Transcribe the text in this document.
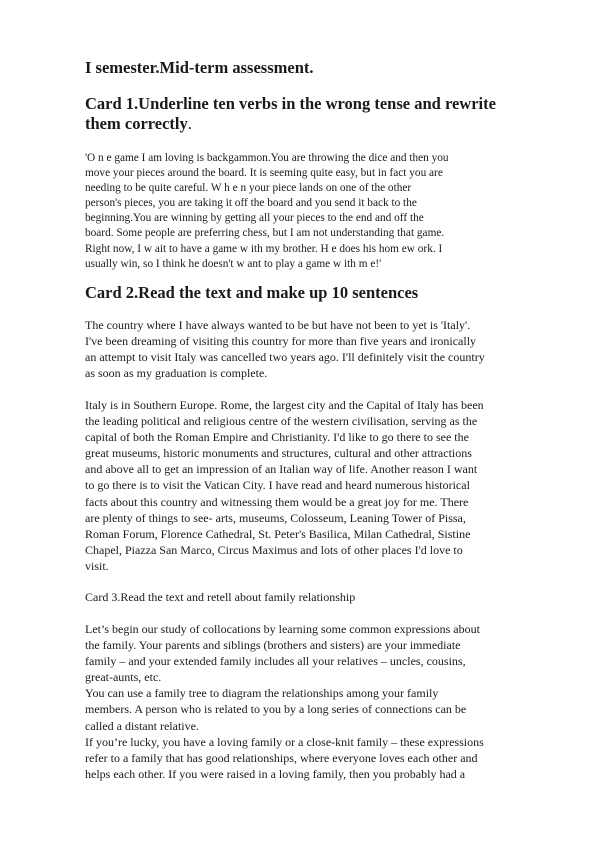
I semester.Mid-term assessment.
Card 1.Underline ten verbs in the wrong tense and rewrite
them correctly.
'O n e game I am loving is backgammon.You are throwing the dice and then you
move your pieces around the board. It is seeming quite easy, but in fact you are
needing to be quite careful. W h e n your piece lands on one of the other
person's pieces, you are taking it off the board and you send it back to the
beginning.You are winning by getting all your pieces to the end and off the
board. Some people are preferring chess, but I am not understanding that game.
Right now, I w ait to have a game w ith my brother. H e does his hom ew ork. I
usually win, so I think he doesn't w ant to play a game w ith m e!'
Card 2.Read the text and make up 10 sentences
The country where I have always wanted to be but have not been to yet is 'Italy'.
I've been dreaming of visiting this country for more than five years and ironically
an attempt to visit Italy was cancelled two years ago. I'll definitely visit the country
as soon as my graduation is complete.
Italy is in Southern Europe. Rome, the largest city and the Capital of Italy has been
the leading political and religious centre of the western civilisation, serving as the
capital of both the Roman Empire and Christianity. I'd like to go there to see the
great museums, historic monuments and structures, cultural and other attractions
and above all to get an impression of an Italian way of life. Another reason I want
to go there is to visit the Vatican City. I have read and heard numerous historical
facts about this country and witnessing them would be a great joy for me. There
are plenty of things to see- arts, museums, Colosseum, Leaning Tower of Pissa,
Roman Forum, Florence Cathedral, St. Peter's Basilica, Milan Cathedral, Sistine
Chapel, Piazza San Marco, Circus Maximus and lots of other places I'd love to
visit.
Card 3.Read the text and retell about family relationship
Let’s begin our study of collocations by learning some common expressions about
the family. Your parents and siblings (brothers and sisters) are your immediate
family – and your extended family includes all your relatives – uncles, cousins,
great-aunts, etc.
You can use a family tree to diagram the relationships among your family
members. A person who is related to you by a long series of connections can be
called a distant relative.
If you’re lucky, you have a loving family or a close-knit family – these expressions
refer to a family that has good relationships, where everyone loves each other and
helps each other. If you were raised in a loving family, then you probably had a
